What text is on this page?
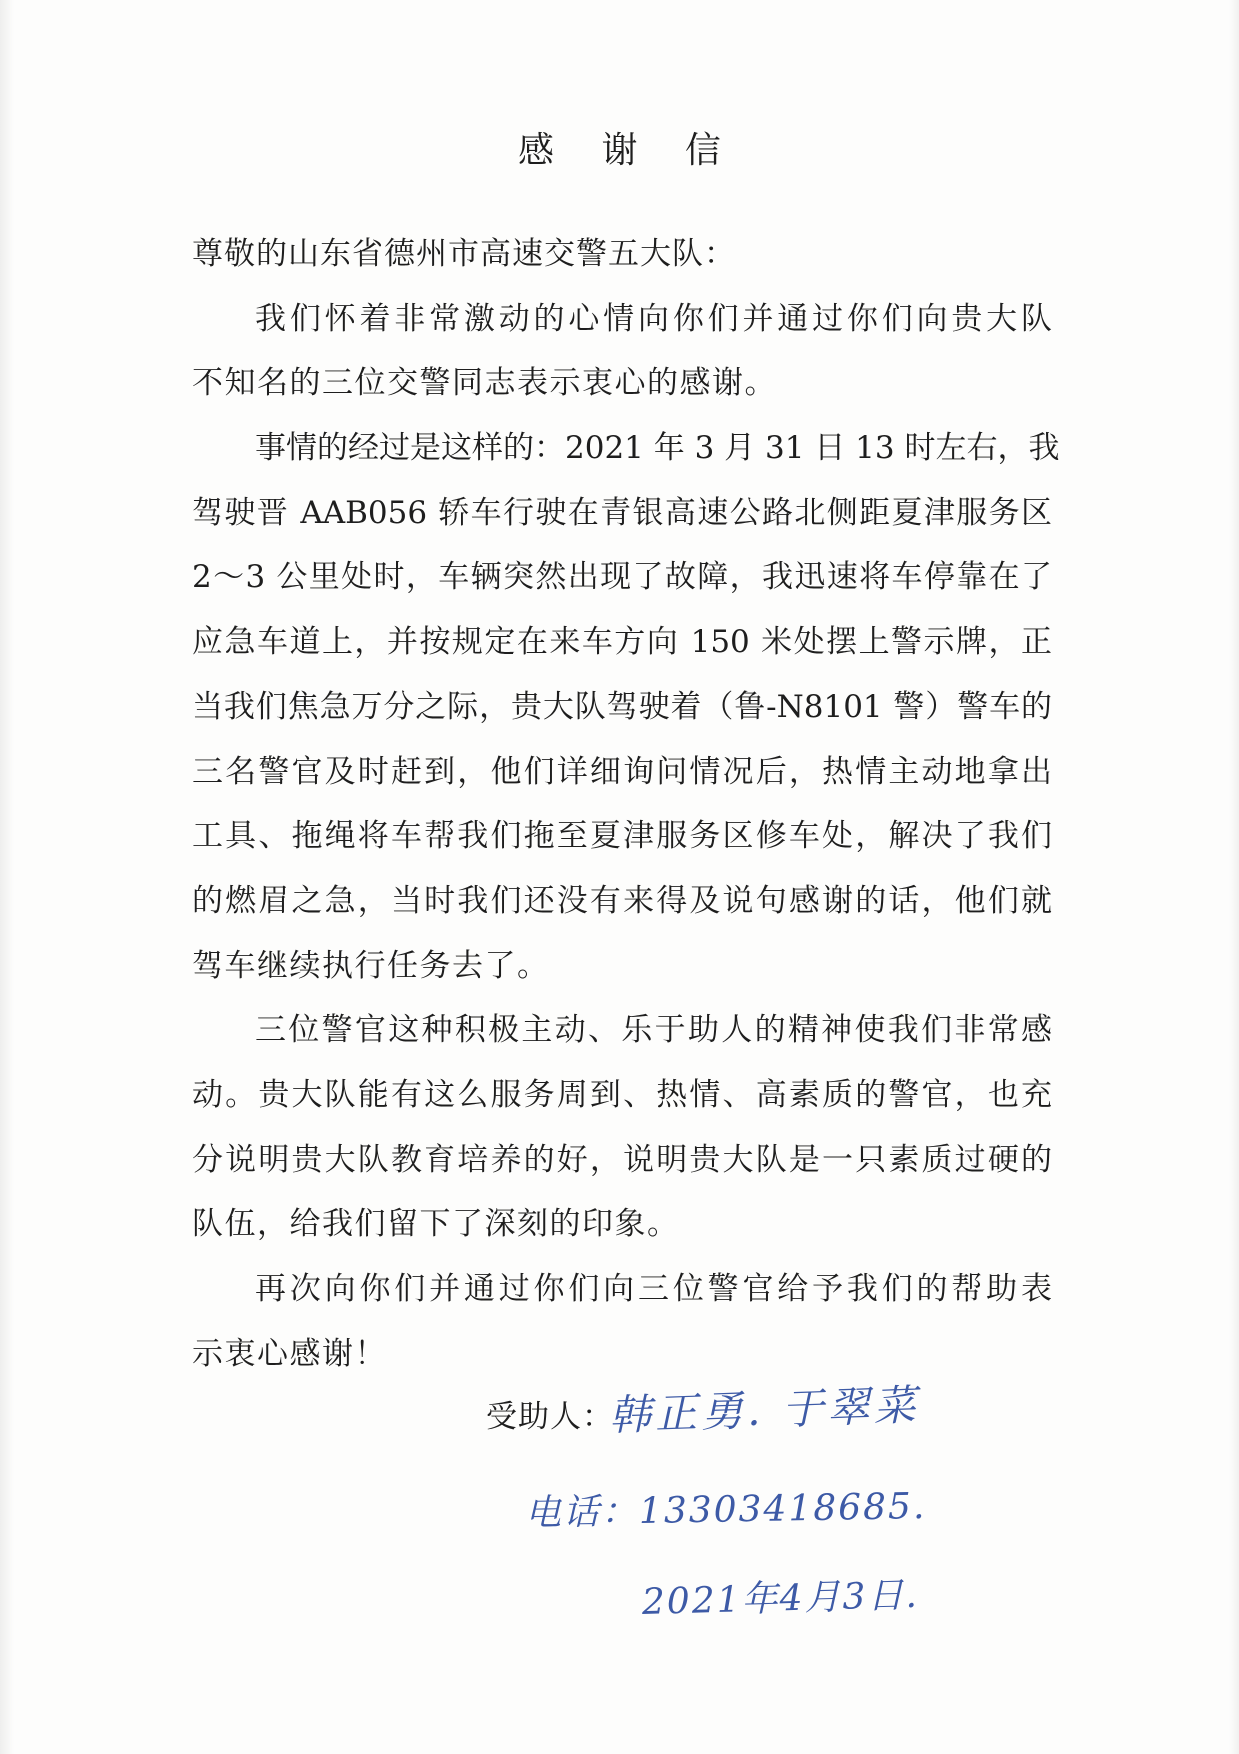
感 谢 信
尊敬的山东省德州市高速交警五大队：
我们怀着非常激动的心情向你们并通过你们向贵大队
不知名的三位交警同志表示衷心的感谢。
事情的经过是这样的：2021 年 3 月 31 日 13 时左右，我
驾驶晋 AAB056 轿车行驶在青银高速公路北侧距夏津服务区
2～3 公里处时，车辆突然出现了故障，我迅速将车停靠在了
应急车道上，并按规定在来车方向 150 米处摆上警示牌，正
当我们焦急万分之际，贵大队驾驶着（鲁-N8101 警）警车的
三名警官及时赶到，他们详细询问情况后，热情主动地拿出
工具、拖绳将车帮我们拖至夏津服务区修车处，解决了我们
的燃眉之急，当时我们还没有来得及说句感谢的话，他们就
驾车继续执行任务去了。
三位警官这种积极主动、乐于助人的精神使我们非常感
动。贵大队能有这么服务周到、热情、高素质的警官，也充
分说明贵大队教育培养的好，说明贵大队是一只素质过硬的
队伍，给我们留下了深刻的印象。
再次向你们并通过你们向三位警官给予我们的帮助表
示衷心感谢！
受助人：
韩正勇. 于翠菜
电话：13303418685.
2021年4月3日.
